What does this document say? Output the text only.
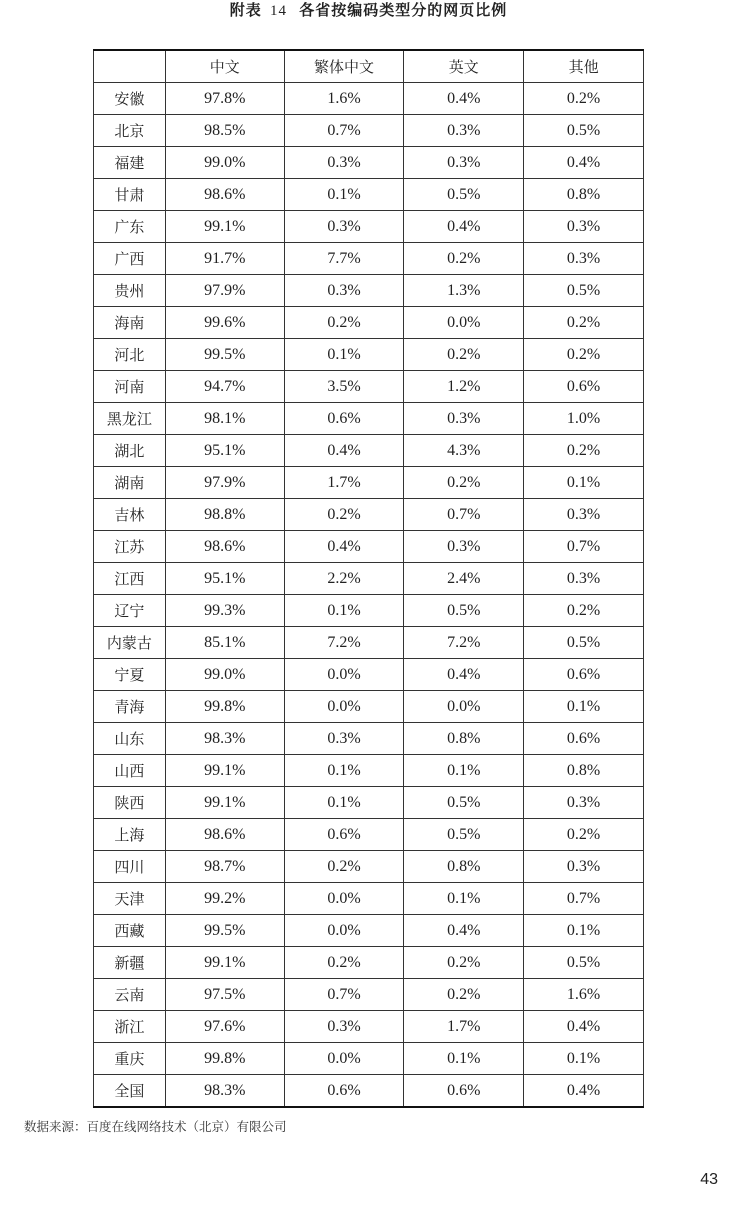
附表 14 各省按编码类型分的网页比例
	中文	繁体中文	英文	其他
安徽	97.8%	1.6%	0.4%	0.2%
北京	98.5%	0.7%	0.3%	0.5%
福建	99.0%	0.3%	0.3%	0.4%
甘肃	98.6%	0.1%	0.5%	0.8%
广东	99.1%	0.3%	0.4%	0.3%
广西	91.7%	7.7%	0.2%	0.3%
贵州	97.9%	0.3%	1.3%	0.5%
海南	99.6%	0.2%	0.0%	0.2%
河北	99.5%	0.1%	0.2%	0.2%
河南	94.7%	3.5%	1.2%	0.6%
黑龙江	98.1%	0.6%	0.3%	1.0%
湖北	95.1%	0.4%	4.3%	0.2%
湖南	97.9%	1.7%	0.2%	0.1%
吉林	98.8%	0.2%	0.7%	0.3%
江苏	98.6%	0.4%	0.3%	0.7%
江西	95.1%	2.2%	2.4%	0.3%
辽宁	99.3%	0.1%	0.5%	0.2%
内蒙古	85.1%	7.2%	7.2%	0.5%
宁夏	99.0%	0.0%	0.4%	0.6%
青海	99.8%	0.0%	0.0%	0.1%
山东	98.3%	0.3%	0.8%	0.6%
山西	99.1%	0.1%	0.1%	0.8%
陕西	99.1%	0.1%	0.5%	0.3%
上海	98.6%	0.6%	0.5%	0.2%
四川	98.7%	0.2%	0.8%	0.3%
天津	99.2%	0.0%	0.1%	0.7%
西藏	99.5%	0.0%	0.4%	0.1%
新疆	99.1%	0.2%	0.2%	0.5%
云南	97.5%	0.7%	0.2%	1.6%
浙江	97.6%	0.3%	1.7%	0.4%
重庆	99.8%	0.0%	0.1%	0.1%
全国	98.3%	0.6%	0.6%	0.4%
数据来源：百度在线网络技术（北京）有限公司
43
